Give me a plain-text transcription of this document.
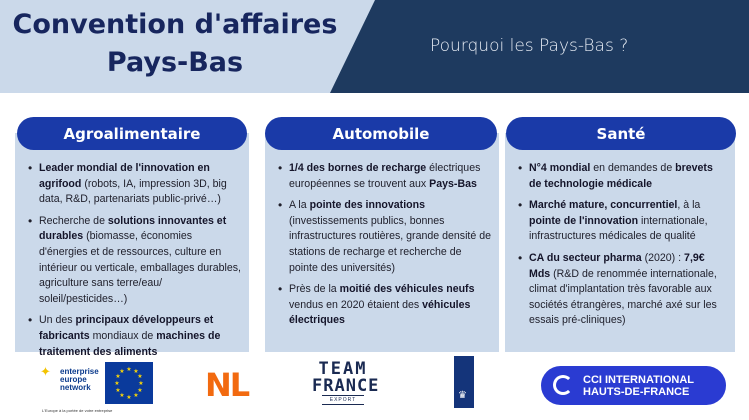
Convention d'affaires
Pays-Bas
Pourquoi les Pays-Bas ?
• Leader mondial de l'innovation en agrifood (robots, IA, impression 3D, big data, R&D, partenariats public-privé…)
• Recherche de solutions innovantes et durables (biomasse, économies d'énergies et de ressources, culture en intérieur ou verticale, emballages durables, agriculture sans terre/eau/ soleil/pesticides…)
• Un des principaux développeurs et fabricants mondiaux de machines de traitement des aliments
Agroalimentaire
• 1/4 des bornes de recharge électriques européennes se trouvent aux Pays-Bas
• A la pointe des innovations (investissements publics, bonnes infrastructures routières, grande densité de stations de recharge et recherche de pointe des universités)
• Près de la moitié des véhicules neufs vendus en 2020 étaient des véhicules électriques
Automobile
• N°4 mondial en demandes de brevets de technologie médicale
• Marché mature, concurrentiel, à la pointe de l'innovation internationale, infrastructures médicales de qualité
• CA du secteur pharma (2020) : 7,9€ Mds (R&D de renommée internationale, climat d'implantation très favorable aux sociétés étrangères, marché axé sur les essais pré-cliniques)
Santé
✦ enterprise
europe
network
L'Europe à la portée de votre entreprise
★ ★
★
★
★
★
★
★
★
★
★
★	NL	TEAM
FRANCE
EXPORT	♛
CCI INTERNATIONAL
HAUTS-DE-FRANCE
